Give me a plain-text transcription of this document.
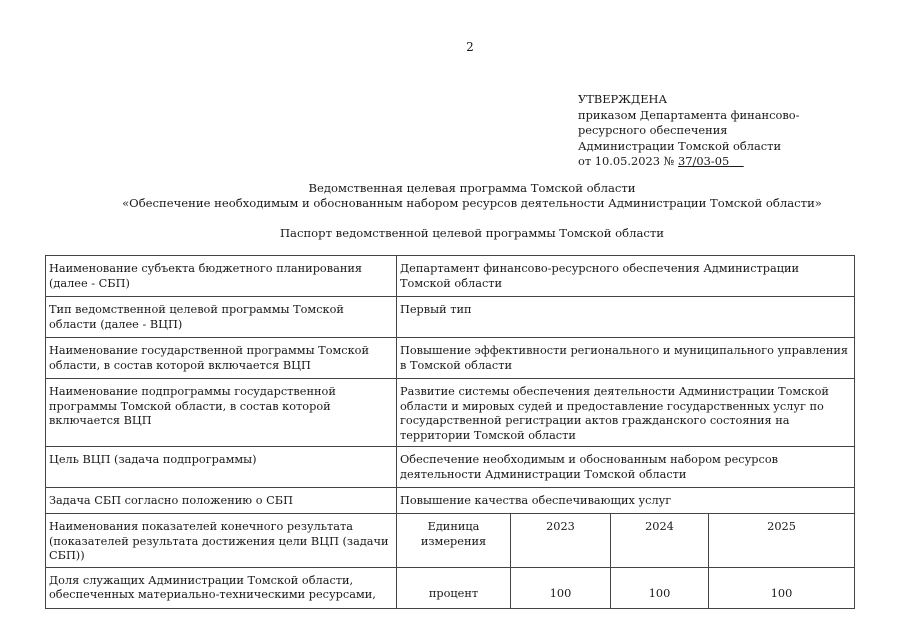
2
УТВЕРЖДЕНА
приказом Департамента финансово-
ресурсного обеспечения
Администрации Томской области
от 10.05.2023 № 37/03-05
Ведомственная целевая программа Томской области
«Обеспечение необходимым и обоснованным набором ресурсов деятельности Администрации Томской области»
Паспорт ведомственной целевой программы Томской области
Наименование субъекта бюджетного планирования (далее - СБП)	Департамент финансово-ресурсного обеспечения Администрации Томской области			
Тип ведомственной целевой программы Томской области (далее - ВЦП)	Первый тип			
Наименование государственной программы Томской области, в состав которой включается ВЦП	Повышение эффективности регионального и муниципального управления в Томской области			
Наименование подпрограммы государственной программы Томской области, в состав которой включается ВЦП	Развитие системы обеспечения деятельности Администрации Томской области и мировых судей и предоставление государственных услуг по государственной регистрации актов гражданского состояния на территории Томской области			
Цель ВЦП (задача подпрограммы)	Обеспечение необходимым и обоснованным набором ресурсов деятельности Администрации Томской области			
Задача СБП согласно положению о СБП	Повышение качества обеспечивающих услуг			
Наименования показателей конечного результата (показателей результата достижения цели ВЦП (задачи СБП))	Единица измерения	2023	2024	2025
Доля служащих Администрации Томской области, обеспеченных материально-техническими ресурсами,	процент	100	100	100
